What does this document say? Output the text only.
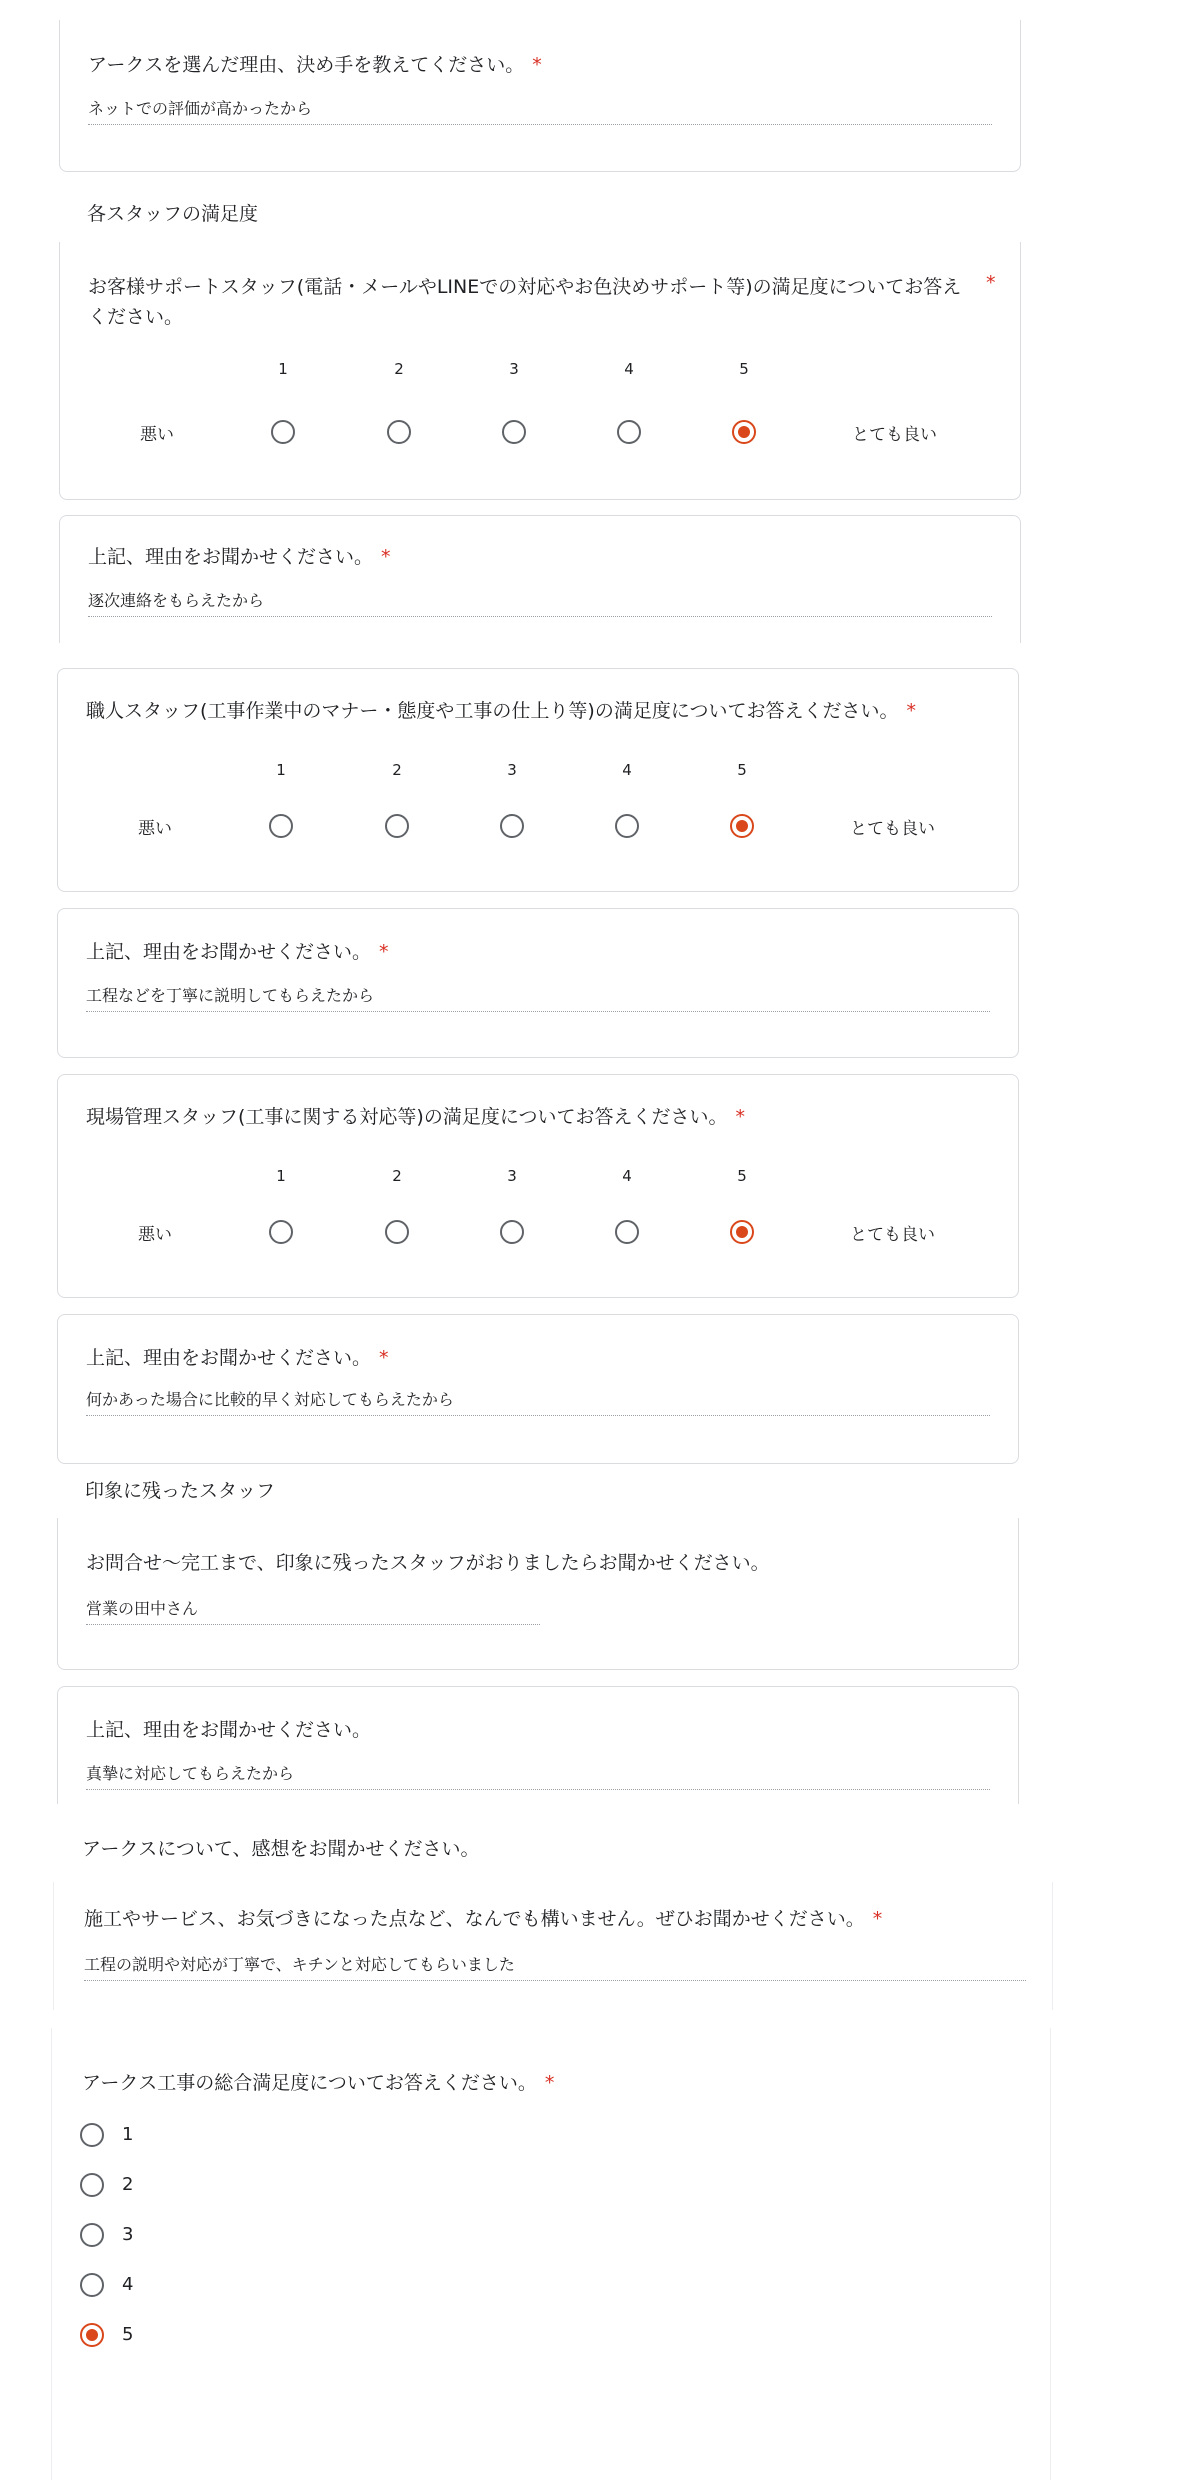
アークスを選んだ理由、決め手を教えてください。 *
ネットでの評価が高かったから
各スタッフの満足度
お客様サポートスタッフ(電話・メールやLINEでの対応やお色決めサポート等)の満足度についてお答えください。
*
悪い	とても良い
1	2	3	4	5
上記、理由をお聞かせください。 *
逐次連絡をもらえたから
職人スタッフ(工事作業中のマナー・態度や工事の仕上り等)の満足度についてお答えください。 *
悪い	とても良い
1	2	3	4	5
上記、理由をお聞かせください。 *
工程などを丁寧に説明してもらえたから
現場管理スタッフ(工事に関する対応等)の満足度についてお答えください。 *
悪い	とても良い
1	2	3	4	5
上記、理由をお聞かせください。 *
何かあった場合に比較的早く対応してもらえたから
印象に残ったスタッフ
お問合せ〜完工まで、印象に残ったスタッフがおりましたらお聞かせください。
営業の田中さん
上記、理由をお聞かせください。
真摯に対応してもらえたから
アークスについて、感想をお聞かせください。
施工やサービス、お気づきになった点など、なんでも構いません。ぜひお聞かせください。 *
工程の説明や対応が丁寧で、キチンと対応してもらいました
アークス工事の総合満足度についてお答えください。 *
1
2
3
4
5
